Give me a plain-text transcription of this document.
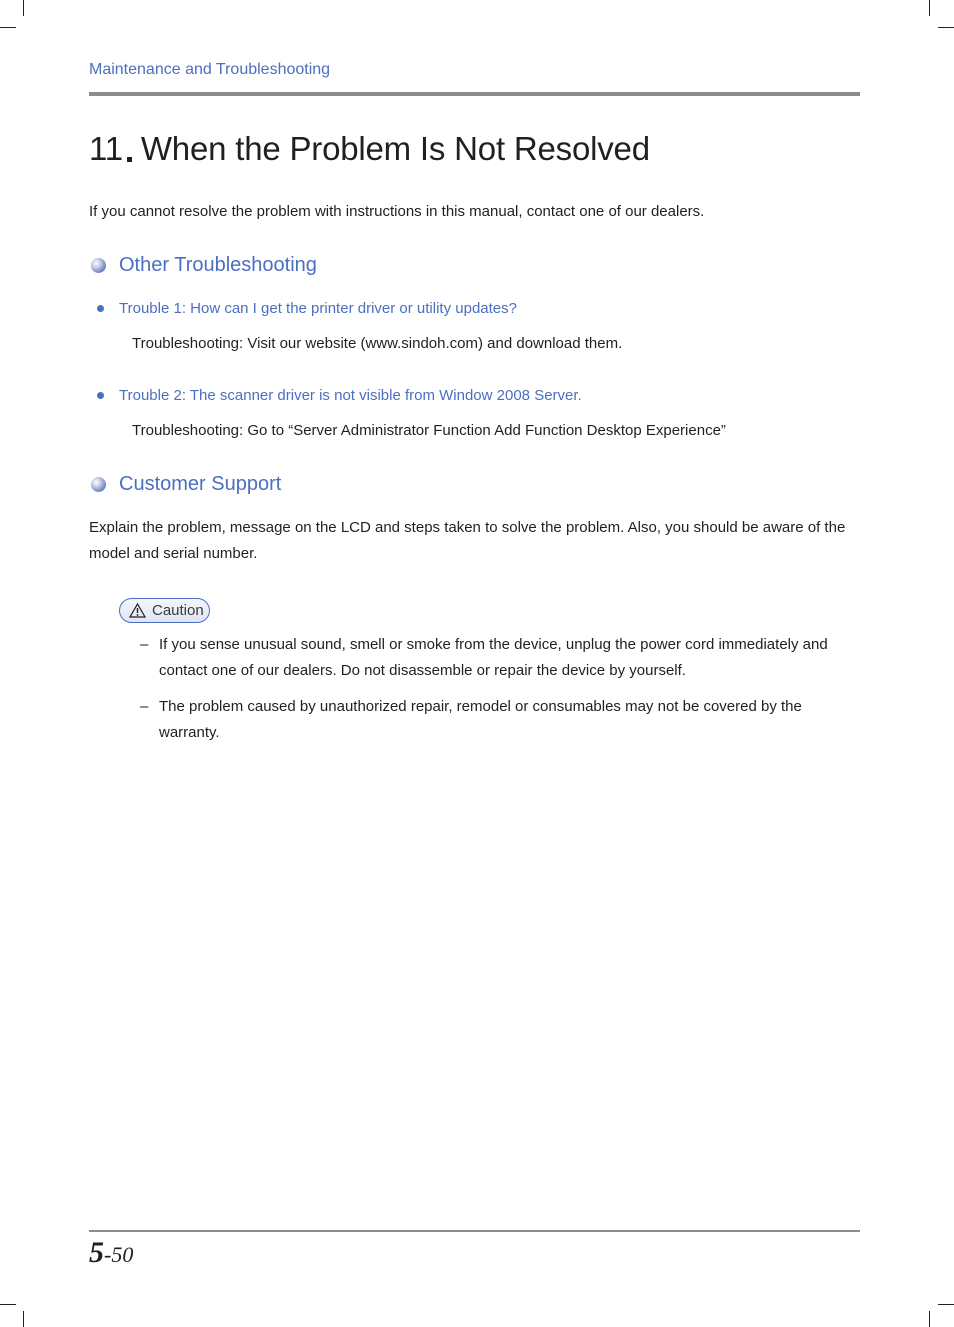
Maintenance and Troubleshooting
11 When the Problem Is Not Resolved
If you cannot resolve the problem with instructions in this manual, contact one of our dealers.
Other Troubleshooting
Trouble 1: How can I get the printer driver or utility updates?
Troubleshooting: Visit our website (www.sindoh.com) and download them.
Trouble 2: The scanner driver is not visible from Window 2008 Server.
Troubleshooting: Go to “Server Administrator Function Add Function Desktop Experience”
Customer Support
Explain the problem, message on the LCD and steps taken to solve the problem. Also, you should be aware of the model and serial number.
Caution
– If you sense unusual sound, smell or smoke from the device, unplug the power cord immediately and contact one of our dealers. Do not disassemble or repair the device by yourself.
– The problem caused by unauthorized repair, remodel or consumables may not be covered by the warranty.
5-50
